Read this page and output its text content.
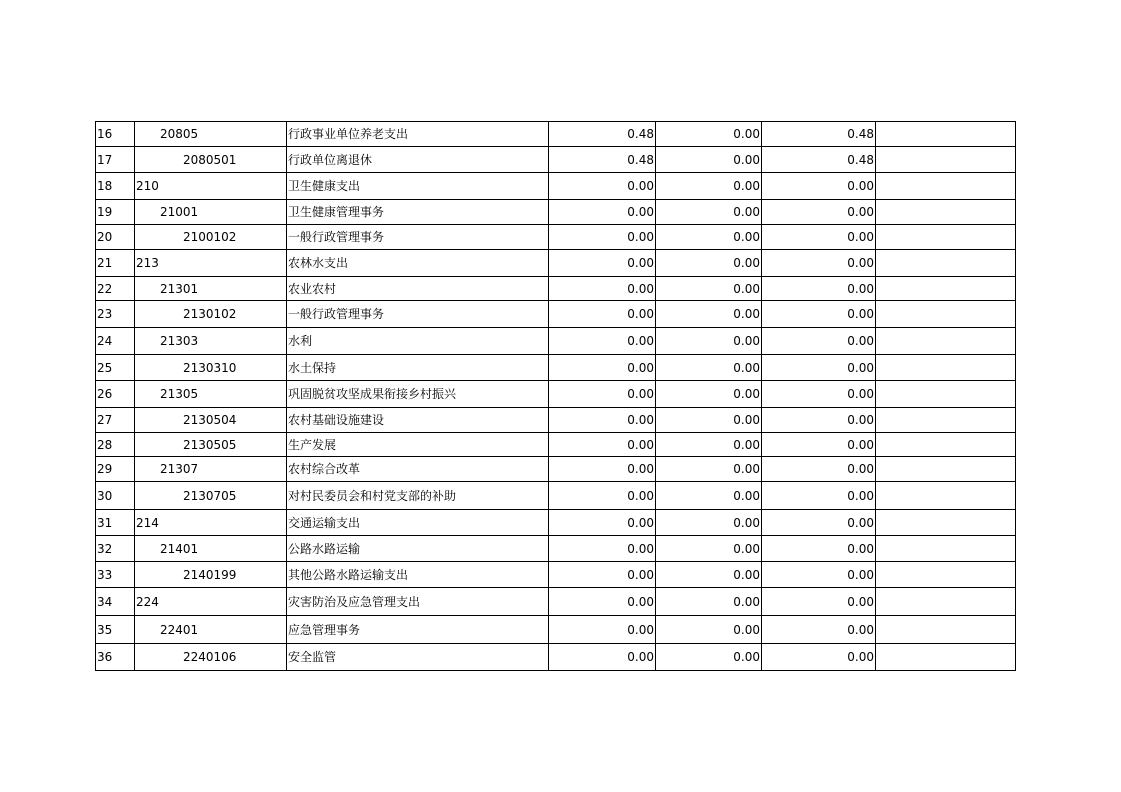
16	20805	行政事业单位养老支出	0.48	0.00	0.48	
17	2080501	行政单位离退休	0.48	0.00	0.48	
18	210	卫生健康支出	0.00	0.00	0.00	
19	21001	卫生健康管理事务	0.00	0.00	0.00	
20	2100102	一般行政管理事务	0.00	0.00	0.00	
21	213	农林水支出	0.00	0.00	0.00	
22	21301	农业农村	0.00	0.00	0.00	
23	2130102	一般行政管理事务	0.00	0.00	0.00	
24	21303	水利	0.00	0.00	0.00	
25	2130310	水土保持	0.00	0.00	0.00	
26	21305	巩固脱贫攻坚成果衔接乡村振兴	0.00	0.00	0.00	
27	2130504	农村基础设施建设	0.00	0.00	0.00	
28	2130505	生产发展	0.00	0.00	0.00	
29	21307	农村综合改革	0.00	0.00	0.00	
30	2130705	对村民委员会和村党支部的补助	0.00	0.00	0.00	
31	214	交通运输支出	0.00	0.00	0.00	
32	21401	公路水路运输	0.00	0.00	0.00	
33	2140199	其他公路水路运输支出	0.00	0.00	0.00	
34	224	灾害防治及应急管理支出	0.00	0.00	0.00	
35	22401	应急管理事务	0.00	0.00	0.00	
36	2240106	安全监管	0.00	0.00	0.00	
